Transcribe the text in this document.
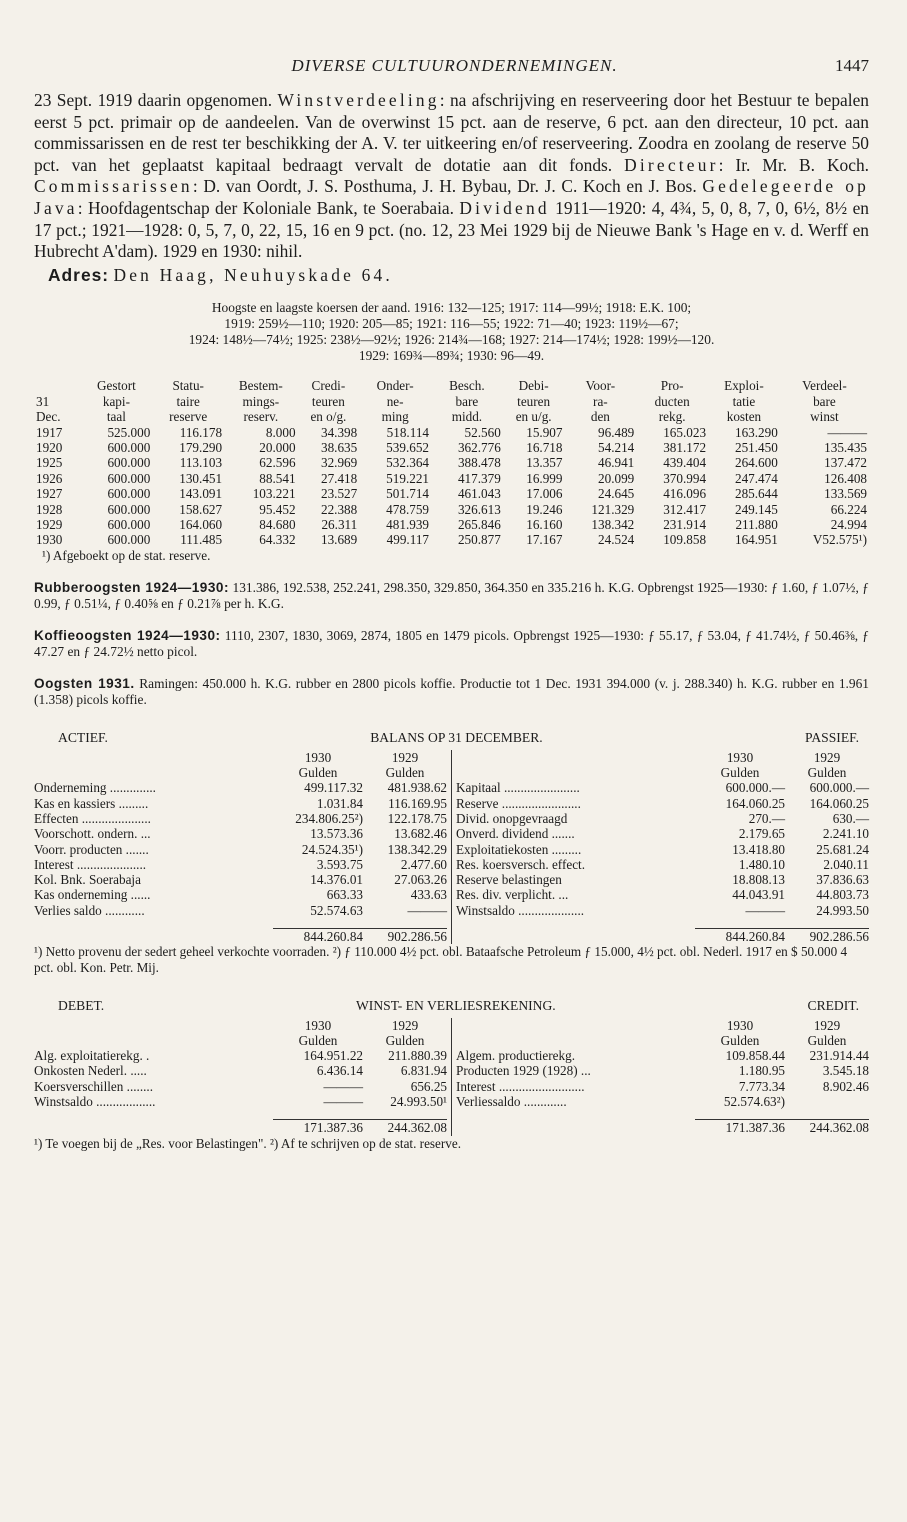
DIVERSE CULTUURONDERNEMINGEN.	1447

23 Sept. 1919 daarin opgenomen. Winstverdeeling: na afschrijving en reserveering door het Bestuur te bepalen eerst 5 pct. primair op de aandeelen. Van de overwinst 15 pct. aan de reserve, 6 pct. aan den directeur, 10 pct. aan commissarissen en de rest ter beschikking der A. V. ter uitkeering en/of reserveering. Zoodra en zoolang de reserve 50 pct. van het geplaatst kapitaal bedraagt vervalt de dotatie aan dit fonds. Directeur: Ir. Mr. B. Koch. Commissarissen: D. van Oordt, J. S. Posthuma, J. H. Bybau, Dr. J. C. Koch en J. Bos. Gedelegeerde op Java: Hoofdagentschap der Koloniale Bank, te Soerabaia. Dividend 1911—1920: 4, 4¾, 5, 0, 8, 7, 0, 6½, 8½ en 17 pct.; 1921—1928: 0, 5, 7, 0, 22, 15, 16 en 9 pct. (no. 12, 23 Mei 1929 bij de Nieuwe Bank 's Hage en v. d. Werff en Hubrecht A'dam). 1929 en 1930: nihil.

Adres: Den Haag, Neuhuyskade 64.
Hoogste en laagste koersen der aand. 1916: 132—125; 1917: 114—99½; 1918: E.K. 100;
1919: 259½—110; 1920: 205—85; 1921: 116—55; 1922: 71—40; 1923: 119½—67;
1924: 148½—74½; 1925: 238½—92½; 1926: 214¾—168; 1927: 214—174½; 1928: 199½—120.
1929: 169¾—89¾; 1930: 96—49.
	Gestort	Statu-	Bestem-	Credi-	Onder-	Besch.	Debi-	Voor-	Pro-	Exploi-	Verdeel-
31	kapi-	taire	mings-	teuren	ne-	bare	teuren	ra-	ducten	tatie	bare
Dec.	taal	reserve	reserv.	en o/g.	ming	midd.	en u/g.	den	rekg.	kosten	winst
1917	525.000	116.178	8.000	34.398	518.114	52.560	15.907	96.489	165.023	163.290	———
1920	600.000	179.290	20.000	38.635	539.652	362.776	16.718	54.214	381.172	251.450	135.435
1925	600.000	113.103	62.596	32.969	532.364	388.478	13.357	46.941	439.404	264.600	137.472
1926	600.000	130.451	88.541	27.418	519.221	417.379	16.999	20.099	370.994	247.474	126.408
1927	600.000	143.091	103.221	23.527	501.714	461.043	17.006	24.645	416.096	285.644	133.569
1928	600.000	158.627	95.452	22.388	478.759	326.613	19.246	121.329	312.417	249.145	66.224
1929	600.000	164.060	84.680	26.311	481.939	265.846	16.160	138.342	231.914	211.880	24.994
1930	600.000	111.485	64.332	13.689	499.117	250.877	17.167	24.524	109.858	164.951	V52.575¹)
¹) Afgeboekt op de stat. reserve.
Rubberoogsten 1924—1930: 131.386, 192.538, 252.241, 298.350, 329.850, 364.350 en 335.216 h. K.G. Opbrengst 1925—1930: ƒ 1.60, ƒ 1.07½, ƒ 0.99, ƒ 0.51¼, ƒ 0.40⅝ en ƒ 0.21⅞ per h. K.G.
Koffieoogsten 1924—1930: 1110, 2307, 1830, 3069, 2874, 1805 en 1479 picols. Opbrengst 1925—1930: ƒ 55.17, ƒ 53.04, ƒ 41.74½, ƒ 50.46⅜, ƒ 47.27 en ƒ 24.72½ netto picol.
Oogsten 1931. Ramingen: 450.000 h. K.G. rubber en 2800 picols koffie. Productie tot 1 Dec. 1931 394.000 (v. j. 288.340) h. K.G. rubber en 1.961 (1.358) picols koffie.
ACTIEF.	BALANS OP 31 DECEMBER.	PASSIEF.
1930	1929
Gulden	Gulden
Onderneming ..............	499.117.32	481.938.62
Kas en kassiers .........	1.031.84	116.169.95
Effecten .....................	234.806.25²)	122.178.75
Voorschott. ondern. ...	13.573.36	13.682.46
Voorr. producten .......	24.524.35¹)	138.342.29
Interest .....................	3.593.75	2.477.60
Kol. Bnk. Soerabaja	14.376.01	27.063.26
Kas onderneming ......	663.33	433.63
Verlies saldo ............	52.574.63	———
844.260.84	902.286.56
1930	1929
Gulden	Gulden
Kapitaal .......................	600.000.—	600.000.—
Reserve ........................	164.060.25	164.060.25
Divid. onopgevraagd	270.—	630.—
Onverd. dividend .......	2.179.65	2.241.10
Exploitatiekosten .........	13.418.80	25.681.24
Res. koersversch. effect.	1.480.10	2.040.11
Reserve belastingen	18.808.13	37.836.63
Res. div. verplicht. ...	44.043.91	44.803.73
Winstsaldo ....................	———	24.993.50
844.260.84	902.286.56
¹) Netto provenu der sedert geheel verkochte voorraden. ²) ƒ 110.000 4½ pct. obl. Bataafsche Petroleum ƒ 15.000, 4½ pct. obl. Nederl. 1917 en $ 50.000 4 pct. obl. Kon. Petr. Mij.
DEBET.	WINST- EN VERLIESREKENING.	CREDIT.
1930	1929
Gulden	Gulden
Alg. exploitatierekg. .	164.951.22	211.880.39
Onkosten Nederl. .....	6.436.14	6.831.94
Koersverschillen ........	———	656.25
Winstsaldo ..................	———	24.993.50¹
171.387.36	244.362.08
1930	1929
Gulden	Gulden
Algem. productierekg.	109.858.44	231.914.44
Producten 1929 (1928) ...	1.180.95	3.545.18
Interest ..........................	7.773.34	8.902.46
Verliessaldo .............	52.574.63²)
171.387.36	244.362.08
¹) Te voegen bij de „Res. voor Belastingen". ²) Af te schrijven op de stat. reserve.
